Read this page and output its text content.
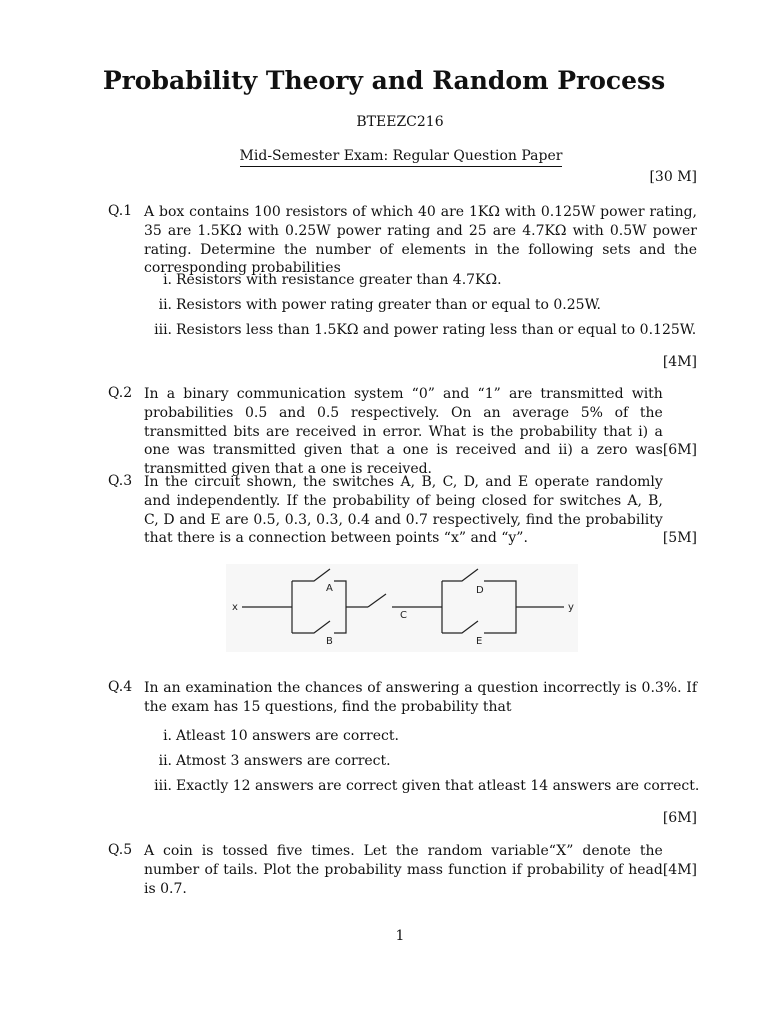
Probability Theory and Random Process
BTEEZC216
Mid-Semester Exam: Regular Question Paper
[30 M]
Q.1 A box contains 100 resistors of which 40 are 1KΩ with 0.125W power rating, 35 are 1.5KΩ with 0.25W power rating and 25 are 4.7KΩ with 0.5W power rating. Determine the number of elements in the following sets and the corresponding probabilities
i. Resistors with resistance greater than 4.7KΩ.
ii. Resistors with power rating greater than or equal to 0.25W.
iii. Resistors less than 1.5KΩ and power rating less than or equal to 0.125W.
[4M]
Q.2
[6M]
In a binary communication system “0” and “1” are transmitted with probabilities 0.5 and 0.5 respectively. On an average 5% of the transmitted bits are received in error. What is the probability that i) a one was transmitted given that a one is received and ii) a zero was transmitted given that a one is received.
Q.3
[5M]
In the circuit shown, the switches A, B, C, D, and E operate randomly and independently. If the probability of being closed for switches A, B, C, D and E are 0.5, 0.3, 0.3, 0.4 and 0.7 respectively, find the probability that there is a connection between points “x” and “y”.
x	y
A
B
C
D
E
Q.4 In an examination the chances of answering a question incorrectly is 0.3%. If the exam has 15 questions, find the probability that
i. Atleast 10 answers are correct.
ii. Atmost 3 answers are correct.
iii. Exactly 12 answers are correct given that atleast 14 answers are correct.
[6M]
Q.5
[4M]
A coin is tossed five times. Let the random variable“X” denote the number of tails. Plot the probability mass function if probability of head is 0.7.
1
